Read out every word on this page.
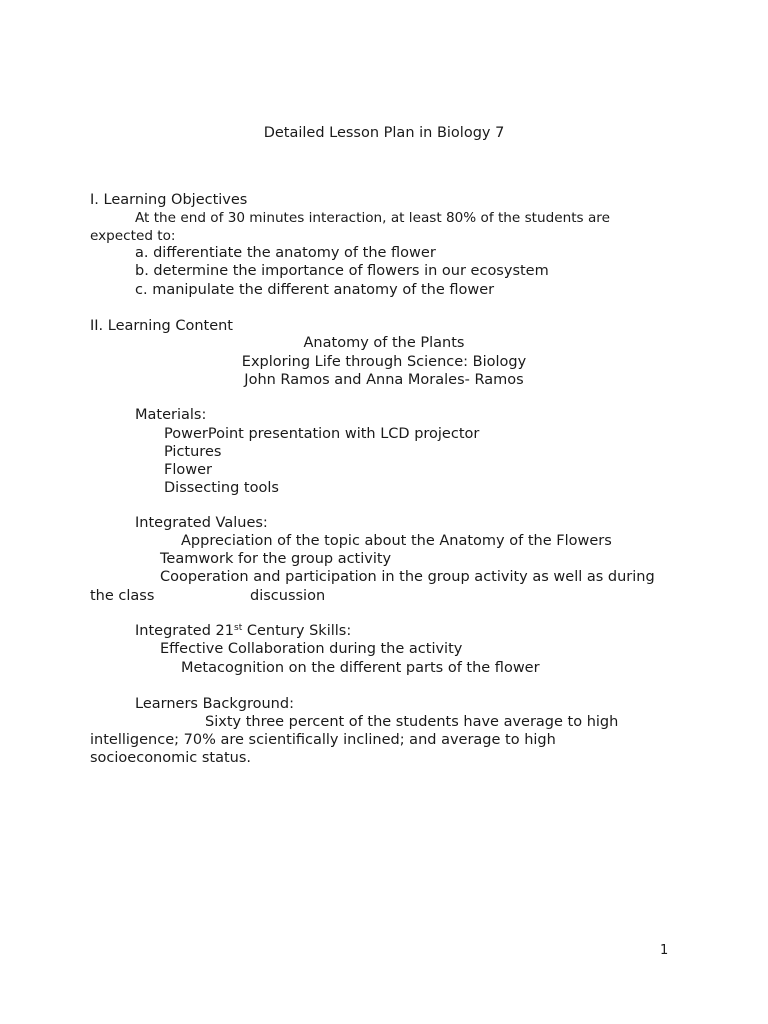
Detailed Lesson Plan in Biology 7
I. Learning Objectives
At the end of 30 minutes interaction, at least 80% of the students are
expected to:
a. differentiate the anatomy of the flower
b. determine the importance of flowers in our ecosystem
c. manipulate the different anatomy of the flower
II. Learning Content
Anatomy of the Plants
Exploring Life through Science: Biology
John Ramos and Anna Morales- Ramos
Materials:
PowerPoint presentation with LCD projector
Pictures
Flower
Dissecting tools
Integrated Values:
Appreciation of the topic about the Anatomy of the Flowers
Teamwork for the group activity
Cooperation and participation in the group activity as well as during
the class	discussion
Integrated 21st Century Skills:
Effective Collaboration during the activity
Metacognition on the different parts of the flower
Learners Background:
Sixty three percent of the students have average to high
intelligence; 70% are scientifically inclined; and average to high
socioeconomic status.
1
